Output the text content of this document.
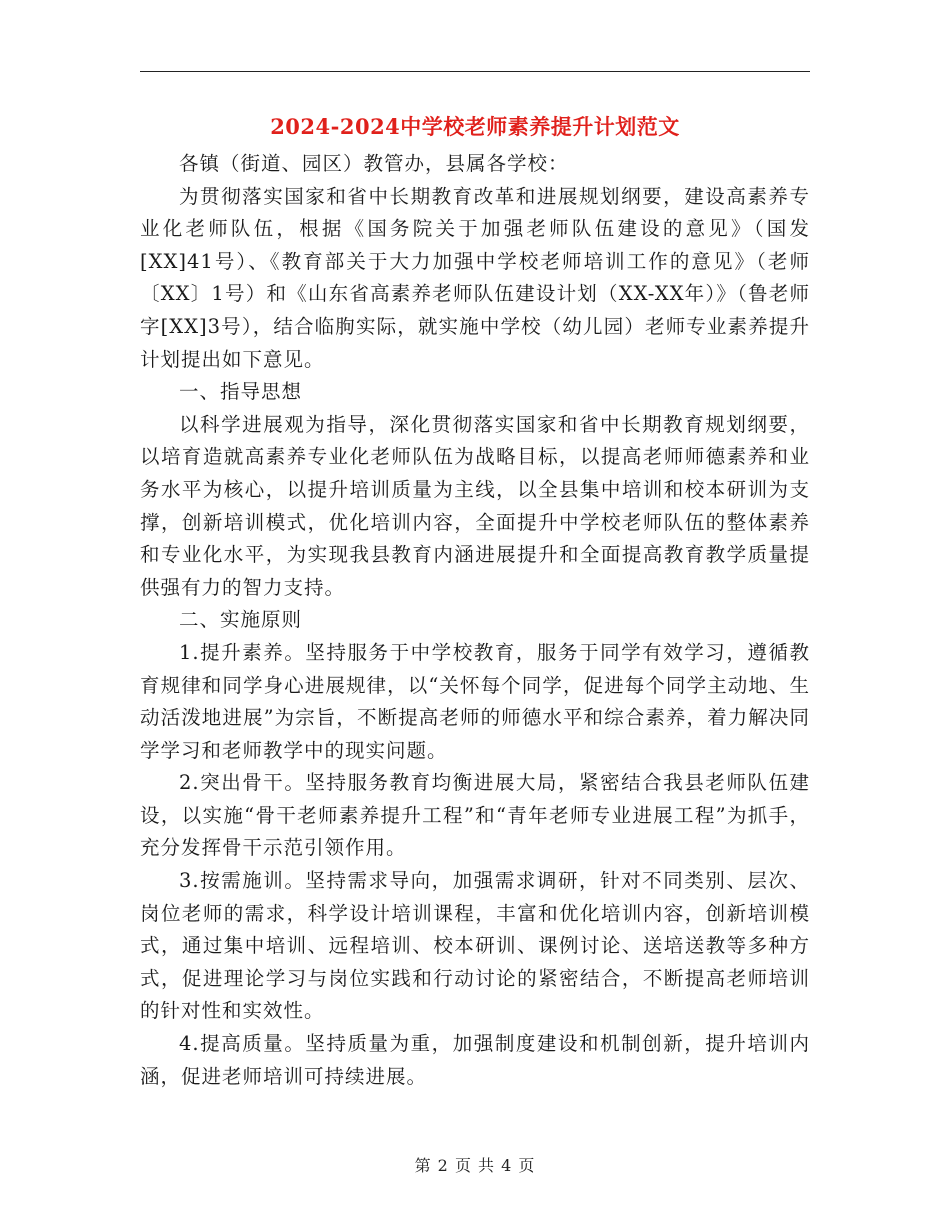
2024-2024中学校老师素养提升计划范文

各镇（街道、园区）教管办，县属各学校：

为贯彻落实国家和省中长期教育改革和进展规划纲要，建设高素养专业化老师队伍，根据《国务院关于加强老师队伍建设的意见》（国发[XX]41号）、《教育部关于大力加强中学校老师培训工作的意见》（老师〔XX〕1号）和《山东省高素养老师队伍建设计划（XX-XX年）》（鲁老师字[XX]3号），结合临朐实际，就实施中学校（幼儿园）老师专业素养提升计划提出如下意见。

一、指导思想

以科学进展观为指导，深化贯彻落实国家和省中长期教育规划纲要，以培育造就高素养专业化老师队伍为战略目标，以提高老师师德素养和业务水平为核心，以提升培训质量为主线，以全县集中培训和校本研训为支撑，创新培训模式，优化培训内容，全面提升中学校老师队伍的整体素养和专业化水平，为实现我县教育内涵进展提升和全面提高教育教学质量提供强有力的智力支持。

二、实施原则

1.提升素养。坚持服务于中学校教育，服务于同学有效学习，遵循教育规律和同学身心进展规律，以“关怀每个同学，促进每个同学主动地、生动活泼地进展”为宗旨，不断提高老师的师德水平和综合素养，着力解决同学学习和老师教学中的现实问题。

2.突出骨干。坚持服务教育均衡进展大局，紧密结合我县老师队伍建设，以实施“骨干老师素养提升工程”和“青年老师专业进展工程”为抓手，充分发挥骨干示范引领作用。

3.按需施训。坚持需求导向，加强需求调研，针对不同类别、层次、岗位老师的需求，科学设计培训课程，丰富和优化培训内容，创新培训模式，通过集中培训、远程培训、校本研训、课例讨论、送培送教等多种方式，促进理论学习与岗位实践和行动讨论的紧密结合，不断提高老师培训的针对性和实效性。

4.提高质量。坚持质量为重，加强制度建设和机制创新，提升培训内涵，促进老师培训可持续进展。

第 2 页 共 4 页
